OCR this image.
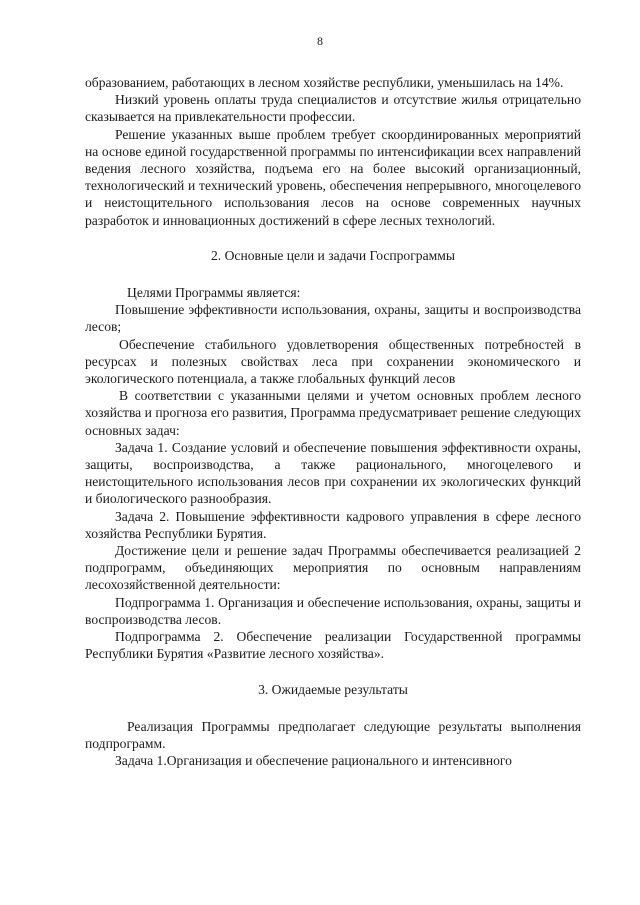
8

образованием, работающих в лесном хозяйстве республики, уменьшилась на 14%.

Низкий уровень оплаты труда специалистов и отсутствие жилья отрицательно сказывается на привлекательности профессии.

Решение указанных выше проблем требует скоординированных мероприятий на основе единой государственной программы по интенсификации всех направлений ведения лесного хозяйства, подъема его на более высокий организационный, технологический и технический уровень, обеспечения непрерывного, многоцелевого и неистощительного использования лесов на основе современных научных разработок и инновационных достижений в сфере лесных технологий.

2. Основные цели и задачи Госпрограммы

Целями Программы является:

Повышение эффективности использования, охраны, защиты и воспроизводства лесов;

Обеспечение стабильного удовлетворения общественных потребностей в ресурсах и полезных свойствах леса при сохранении экономического и экологического потенциала, а также глобальных функций лесов

В соответствии с указанными целями и учетом основных проблем лесного хозяйства и прогноза его развития, Программа предусматривает решение следующих основных задач:

Задача 1. Создание условий и обеспечение повышения эффективности охраны, защиты, воспроизводства, а также рационального, многоцелевого и неистощительного использования лесов при сохранении их экологических функций и биологического разнообразия.

Задача 2. Повышение эффективности кадрового управления в сфере лесного хозяйства Республики Бурятия.

Достижение цели и решение задач Программы обеспечивается реализацией 2 подпрограмм, объединяющих мероприятия по основным направлениям лесохозяйственной деятельности:

Подпрограмма 1. Организация и обеспечение использования, охраны, защиты и воспроизводства лесов.

Подпрограмма 2. Обеспечение реализации Государственной программы Республики Бурятия «Развитие лесного хозяйства».

3. Ожидаемые результаты

Реализация Программы предполагает следующие результаты выполнения подпрограмм.

Задача 1.Организация и обеспечение рационального и интенсивного
